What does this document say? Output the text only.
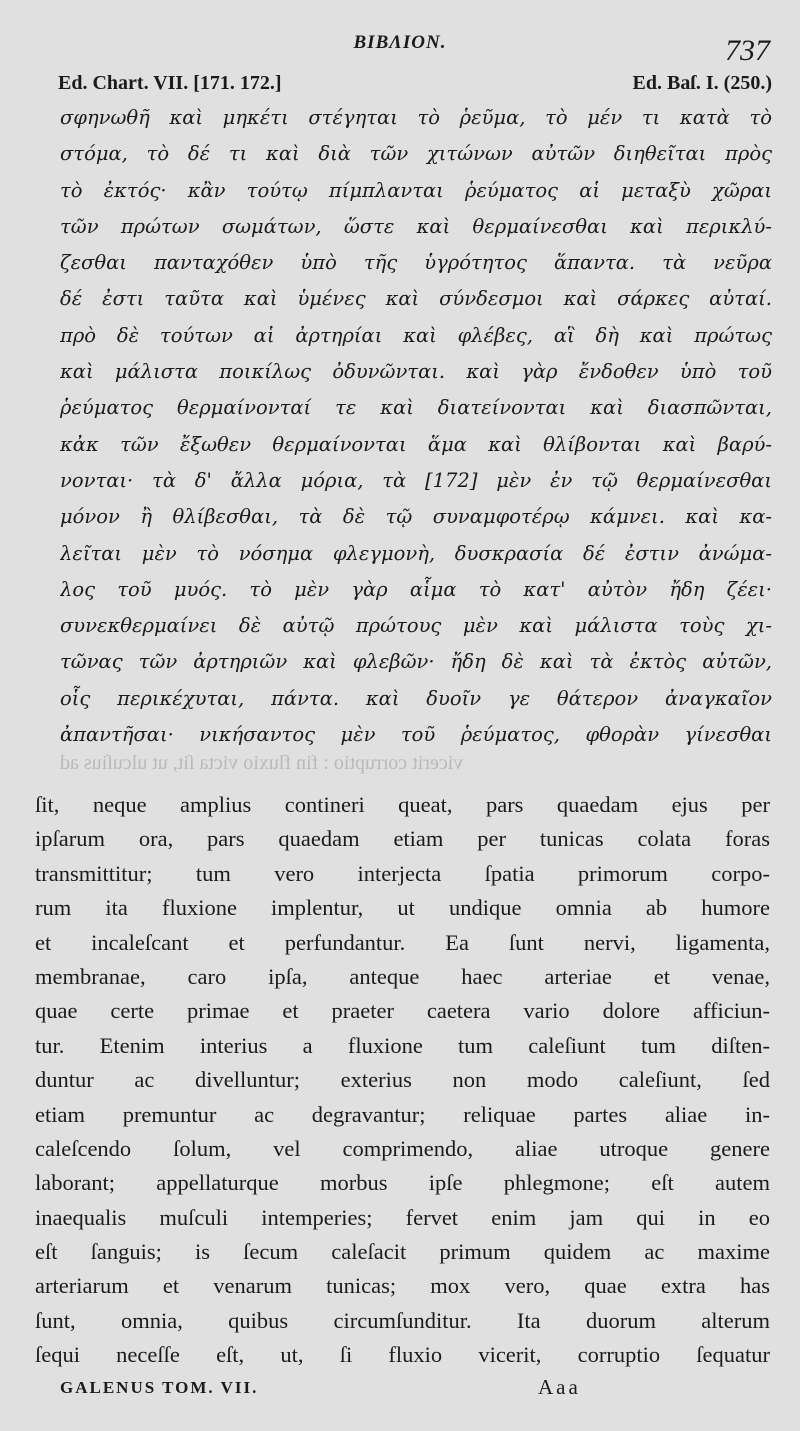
BIBΛΙΟΝ.	737
Ed. Chart. VII. [171. 172.]	Ed. Baſ. I. (250.)
σφηνωθῆ καὶ μηκέτι στέγηται τὸ ῥεῦμα, τὸ μέν τι κατὰ τὸ
στόμα, τὸ δέ τι καὶ διὰ τῶν χιτώνων αὐτῶν διηθεῖται πρὸς
τὸ ἐκτός· κἂν τούτῳ πίμπλανται ῥεύματος αἱ μεταξὺ χῶραι
τῶν πρώτων σωμάτων, ὥστε καὶ θερμαίνεσθαι καὶ περικλύ-
ζεσθαι πανταχόθεν ὑπὸ τῆς ὑγρότητος ἅπαντα. τὰ νεῦρα
δέ ἐστι ταῦτα καὶ ὑμένες καὶ σύνδεσμοι καὶ σάρκες αὐταί.
πρὸ δὲ τούτων αἱ ἀρτηρίαι καὶ φλέβες, αἳ δὴ καὶ πρώτως
καὶ μάλιστα ποικίλως ὀδυνῶνται. καὶ γὰρ ἔνδοθεν ὑπὸ τοῦ
ῥεύματος θερμαίνονταί τε καὶ διατείνονται καὶ διασπῶνται,
κἀκ τῶν ἔξωθεν θερμαίνονται ἅμα καὶ θλίβονται καὶ βαρύ-
νονται· τὰ δ' ἄλλα μόρια, τὰ [172] μὲν ἐν τῷ θερμαίνεσθαι
μόνον ἢ θλίβεσθαι, τὰ δὲ τῷ συναμφοτέρῳ κάμνει. καὶ κα-
λεῖται μὲν τὸ νόσημα φλεγμονὴ, δυσκρασία δέ ἐστιν ἀνώμα-
λος τοῦ μυός. τὸ μὲν γὰρ αἷμα τὸ κατ' αὐτὸν ἤδη ζέει·
συνεκθερμαίνει δὲ αὐτῷ πρώτους μὲν καὶ μάλιστα τοὺς χι-
τῶνας τῶν ἀρτηριῶν καὶ φλεβῶν· ἤδη δὲ καὶ τὰ ἐκτὸς αὐτῶν,
οἷς περικέχυται, πάντα. καὶ δυοῖν γε θάτερον ἀναγκαῖον
ἀπαντῆσαι· νικήσαντος μὲν τοῦ ῥεύματος, φθορὰν γίνεσθαι
vicerit corruptio : fin fluxio victa ſit, ut ulcuſius ad
ſit, neque amplius contineri queat, pars quaedam ejus per
ipſarum ora, pars quaedam etiam per tunicas colata foras
transmittitur; tum vero interjecta ſpatia primorum corpo-
rum ita fluxione implentur, ut undique omnia ab humore
et incaleſcant et perfundantur. Ea ſunt nervi, ligamenta,
membranae, caro ipſa, anteque haec arteriae et venae,
quae certe primae et praeter caetera vario dolore afficiun-
tur. Etenim interius a fluxione tum caleſiunt tum diſten-
duntur ac divelluntur; exterius non modo caleſiunt, ſed
etiam premuntur ac degravantur; reliquae partes aliae in-
caleſcendo ſolum, vel comprimendo, aliae utroque genere
laborant; appellaturque morbus ipſe phlegmone; eſt autem
inaequalis muſculi intemperies; fervet enim jam qui in eo
eſt ſanguis; is ſecum caleſacit primum quidem ac maxime
arteriarum et venarum tunicas; mox vero, quae extra has
ſunt, omnia, quibus circumſunditur. Ita duorum alterum
ſequi neceſſe eſt, ut, ſi fluxio vicerit, corruptio ſequatur
GALENUS TOM. VII.	Aaa
